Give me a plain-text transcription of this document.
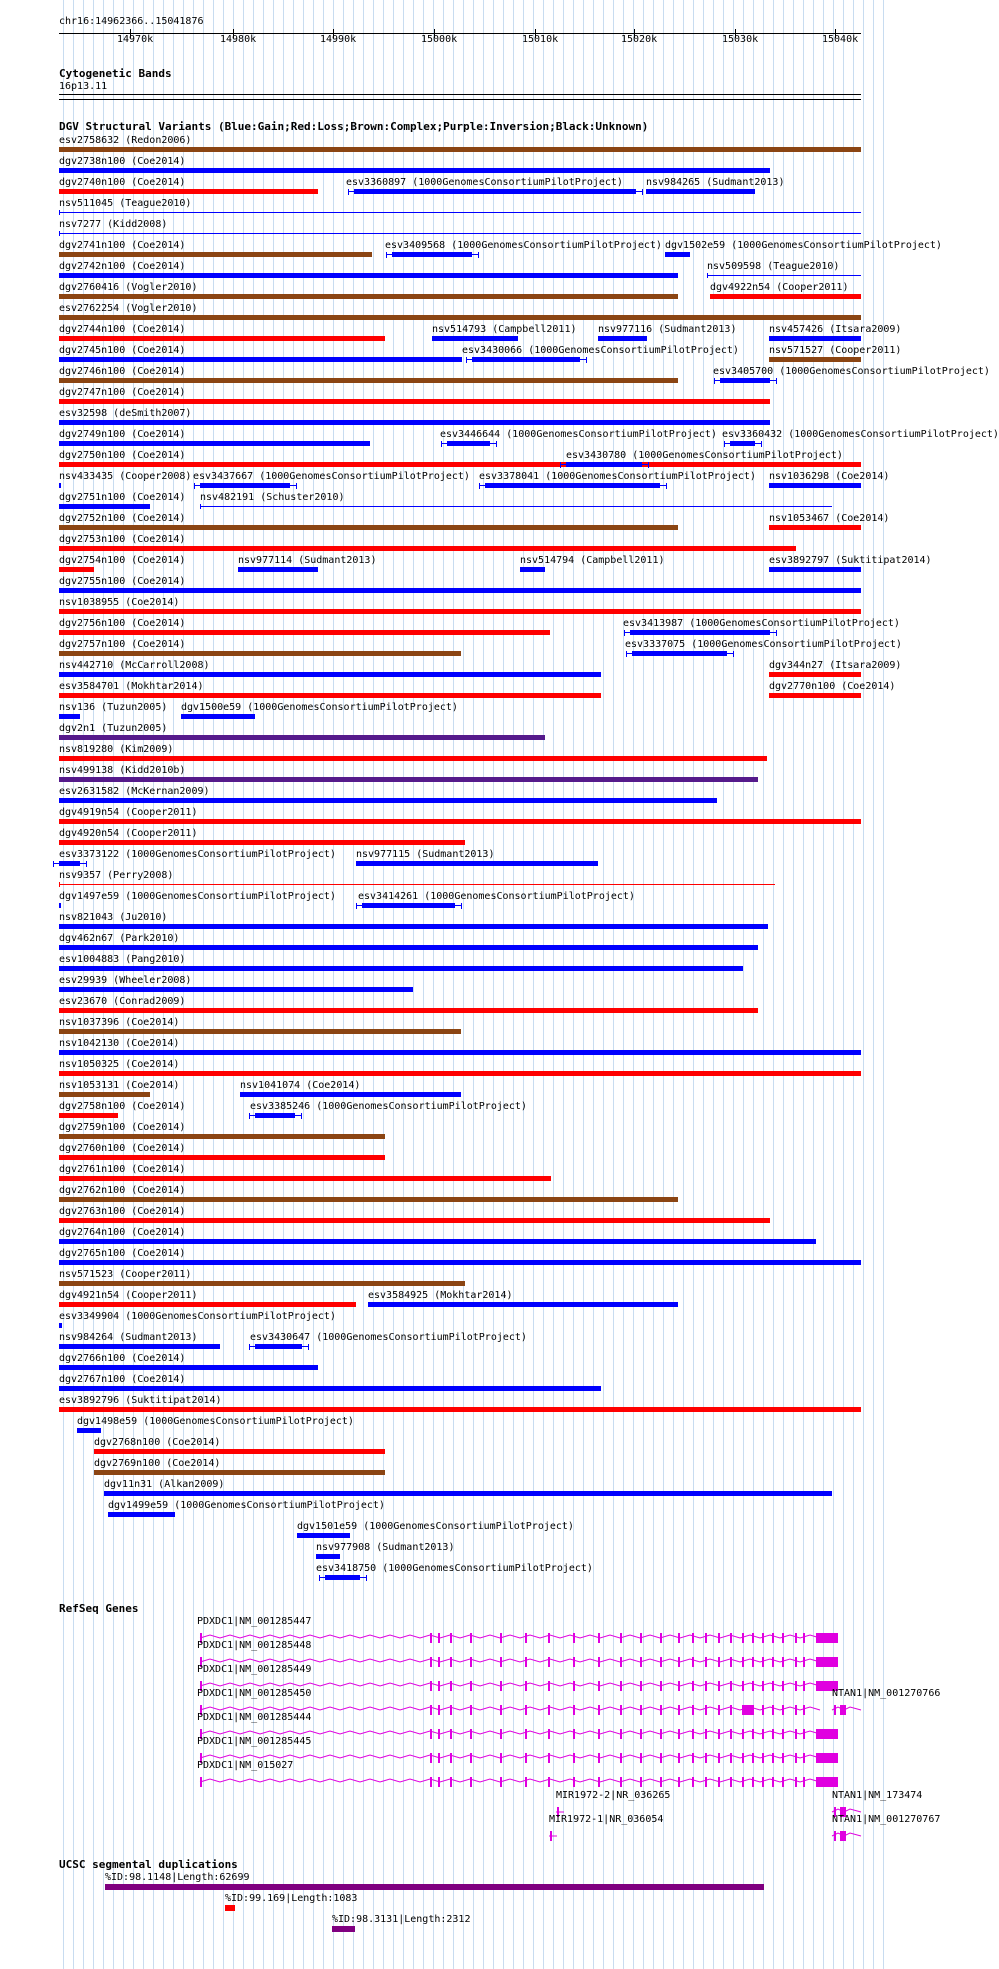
chr16:14962366..15041876
14970k	14980k	14990k	15000k	15010k	15020k	15030k	15040k
Cytogenetic Bands
16p13.11
DGV Structural Variants (Blue:Gain;Red:Loss;Brown:Complex;Purple:Inversion;Black:Unknown)
esv2758632 (Redon2006)
dgv2738n100 (Coe2014)
dgv2740n100 (Coe2014)	esv3360897 (1000GenomesConsortiumPilotProject) nsv984265 (Sudmant2013)
nsv511045 (Teague2010)
nsv7277 (Kidd2008)
dgv2741n100 (Coe2014)	esv3409568 (1000GenomesConsortiumPilotProject) dgv1502e59 (1000GenomesConsortiumPilotProject)
dgv2742n100 (Coe2014)	nsv509598 (Teague2010)
dgv2760416 (Vogler2010)	dgv4922n54 (Cooper2011)
esv2762254 (Vogler2010)
dgv2744n100 (Coe2014)	nsv514793 (Campbell2011) nsv977116 (Sudmant2013)	nsv457426 (Itsara2009)
dgv2745n100 (Coe2014)	esv3430066 (1000GenomesConsortiumPilotProject)	nsv571527 (Cooper2011)
dgv2746n100 (Coe2014)	esv3405700 (1000GenomesConsortiumPilotProject)
dgv2747n100 (Coe2014)
esv32598 (deSmith2007)
dgv2749n100 (Coe2014)	esv3446644 (1000GenomesConsortiumPilotProject) esv3360432 (1000GenomesConsortiumPilotProject)
dgv2750n100 (Coe2014)	esv3430780 (1000GenomesConsortiumPilotProject)
nsv433435 (Cooper2008) esv3437667 (1000GenomesConsortiumPilotProject) esv3378041 (1000GenomesConsortiumPilotProject) nsv1036298 (Coe2014)
dgv2751n100 (Coe2014) nsv482191 (Schuster2010)
dgv2752n100 (Coe2014)	nsv1053467 (Coe2014)
dgv2753n100 (Coe2014)
dgv2754n100 (Coe2014)	nsv977114 (Sudmant2013)	nsv514794 (Campbell2011)	esv3892797 (Suktitipat2014)
dgv2755n100 (Coe2014)
nsv1038955 (Coe2014)
dgv2756n100 (Coe2014)	esv3413987 (1000GenomesConsortiumPilotProject)
dgv2757n100 (Coe2014)	esv3337075 (1000GenomesConsortiumPilotProject)
nsv442710 (McCarroll2008)	dgv344n27 (Itsara2009)
esv3584701 (Mokhtar2014)	dgv2770n100 (Coe2014)
nsv136 (Tuzun2005) dgv1500e59 (1000GenomesConsortiumPilotProject)
dgv2n1 (Tuzun2005)
nsv819280 (Kim2009)
nsv499138 (Kidd2010b)
esv2631582 (McKernan2009)
dgv4919n54 (Cooper2011)
dgv4920n54 (Cooper2011)
esv3373122 (1000GenomesConsortiumPilotProject) nsv977115 (Sudmant2013)
nsv9357 (Perry2008)
dgv1497e59 (1000GenomesConsortiumPilotProject) esv3414261 (1000GenomesConsortiumPilotProject)
nsv821043 (Ju2010)
dgv462n67 (Park2010)
esv1004883 (Pang2010)
esv29939 (Wheeler2008)
esv23670 (Conrad2009)
nsv1037396 (Coe2014)
nsv1042130 (Coe2014)
nsv1050325 (Coe2014)
nsv1053131 (Coe2014)	nsv1041074 (Coe2014)
dgv2758n100 (Coe2014)	esv3385246 (1000GenomesConsortiumPilotProject)
dgv2759n100 (Coe2014)
dgv2760n100 (Coe2014)
dgv2761n100 (Coe2014)
dgv2762n100 (Coe2014)
dgv2763n100 (Coe2014)
dgv2764n100 (Coe2014)
dgv2765n100 (Coe2014)
nsv571523 (Cooper2011)
dgv4921n54 (Cooper2011)	esv3584925 (Mokhtar2014)
esv3349904 (1000GenomesConsortiumPilotProject)
nsv984264 (Sudmant2013)	esv3430647 (1000GenomesConsortiumPilotProject)
dgv2766n100 (Coe2014)
dgv2767n100 (Coe2014)
esv3892796 (Suktitipat2014)
dgv1498e59 (1000GenomesConsortiumPilotProject)
dgv2768n100 (Coe2014)
dgv2769n100 (Coe2014)
dgv11n31 (Alkan2009)
dgv1499e59 (1000GenomesConsortiumPilotProject)
dgv1501e59 (1000GenomesConsortiumPilotProject)
nsv977908 (Sudmant2013)
esv3418750 (1000GenomesConsortiumPilotProject)
RefSeq Genes
PDXDC1|NM_001285447
PDXDC1|NM_001285448
PDXDC1|NM_001285449
PDXDC1|NM_001285450	NTAN1|NM_001270766
PDXDC1|NM_001285444
PDXDC1|NM_001285445
PDXDC1|NM_015027
MIR1972-2|NR_036265	NTAN1|NM_173474
MIR1972-1|NR_036054	NTAN1|NM_001270767
UCSC segmental duplications
%ID:98.1148|Length:62699
%ID:99.169|Length:1083
%ID:98.3131|Length:2312
